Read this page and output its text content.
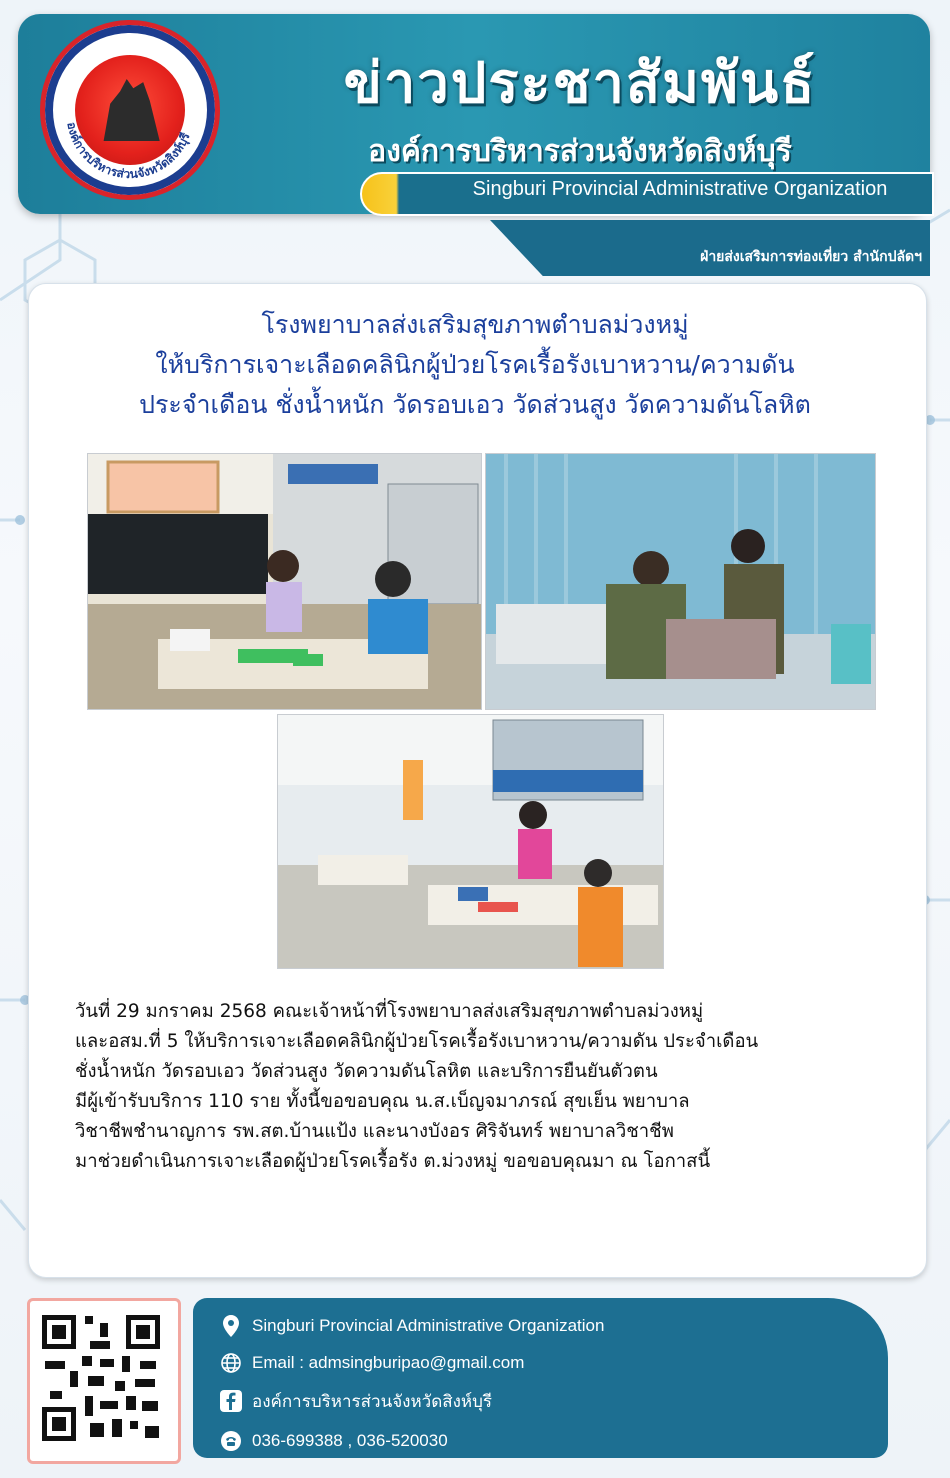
องค์การบริหารส่วนจังหวัดสิงห์บุรี
ข่าวประชาสัมพันธ์
องค์การบริหารส่วนจังหวัดสิงห์บุรี
Singburi Provincial Administrative Organization
ฝ่ายส่งเสริมการท่องเที่ยว สำนักปลัดฯ
โรงพยาบาลส่งเสริมสุขภาพตำบลม่วงหมู่
ให้บริการเจาะเลือดคลินิกผู้ป่วยโรคเรื้อรังเบาหวาน/ความดัน
ประจำเดือน ชั่งน้ำหนัก วัดรอบเอว วัดส่วนสูง วัดความดันโลหิต
วันที่ 29 มกราคม 2568 คณะเจ้าหน้าที่โรงพยาบาลส่งเสริมสุขภาพตำบลม่วงหมู่
และอสม.ที่ 5 ให้บริการเจาะเลือดคลินิกผู้ป่วยโรคเรื้อรังเบาหวาน/ความดัน ประจำเดือน
ชั่งน้ำหนัก วัดรอบเอว วัดส่วนสูง วัดความดันโลหิต และบริการยืนยันตัวตน
มีผู้เข้ารับบริการ 110 ราย ทั้งนี้ขอขอบคุณ น.ส.เบ็ญจมาภรณ์ สุขเย็น พยาบาล
วิชาชีพชำนาญการ รพ.สต.บ้านแป้ง และนางบังอร ศิริจันทร์ พยาบาลวิชาชีพ
มาช่วยดำเนินการเจาะเลือดผู้ป่วยโรคเรื้อรัง ต.ม่วงหมู่ ขอขอบคุณมา ณ โอกาสนี้
Singburi Provincial Administrative Organization
Email : admsingburipao@gmail.com
องค์การบริหารส่วนจังหวัดสิงห์บุรี
036-699388 , 036-520030
